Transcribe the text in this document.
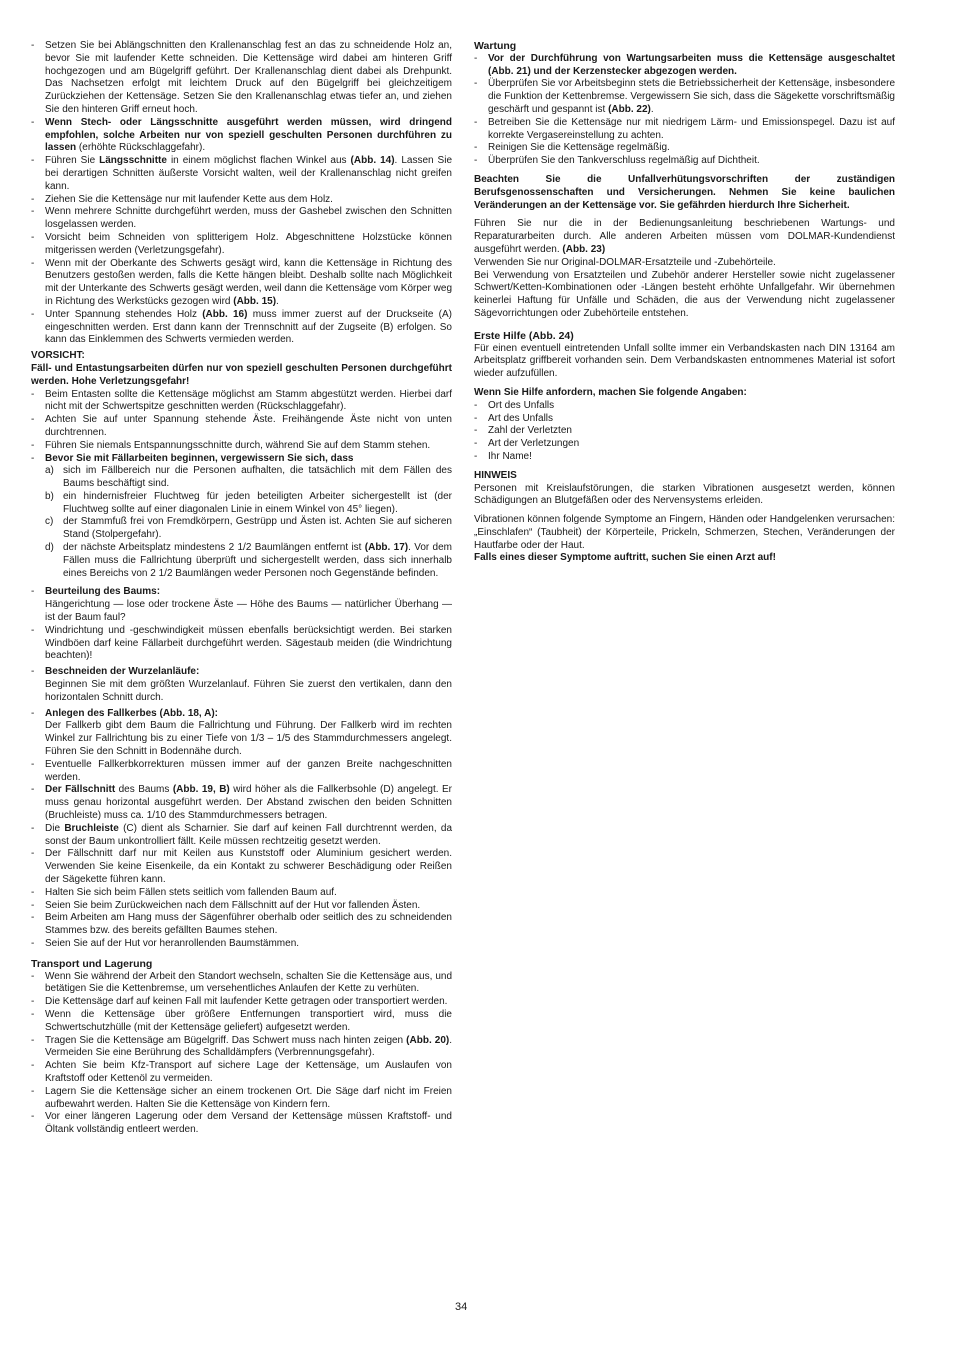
- Setzen Sie bei Ablängschnitten den Krallenanschlag fest an das zu schneidende Holz an, bevor Sie mit laufender Kette schneiden. Die Kettensäge wird dabei am hinteren Griff hochgezogen und am Bügelgriff geführt. Der Krallenanschlag dient dabei als Drehpunkt. Das Nachsetzen erfolgt mit leichtem Druck auf den Bügelgriff bei gleichzeitigem Zurückziehen der Kettensäge. Setzen Sie den Krallenanschlag etwas tiefer an, und ziehen Sie den hinteren Griff erneut hoch.
- Wenn Stech- oder Längsschnitte ausgeführt werden müssen, wird dringend empfohlen, solche Arbeiten nur von speziell geschulten Personen durchführen zu lassen (erhöhte Rückschlaggefahr).
- Führen Sie Längsschnitte in einem möglichst flachen Winkel aus (Abb. 14). Lassen Sie bei derartigen Schnitten äußerste Vorsicht walten, weil der Krallenanschlag nicht greifen kann.
- Ziehen Sie die Kettensäge nur mit laufender Kette aus dem Holz.
- Wenn mehrere Schnitte durchgeführt werden, muss der Gashebel zwischen den Schnitten losgelassen werden.
- Vorsicht beim Schneiden von splitterigem Holz. Abgeschnittene Holzstücke können mitgerissen werden (Verletzungsgefahr).
- Wenn mit der Oberkante des Schwerts gesägt wird, kann die Kettensäge in Richtung des Benutzers gestoßen werden, falls die Kette hängen bleibt. Deshalb sollte nach Möglichkeit mit der Unterkante des Schwerts gesägt werden, weil dann die Kettensäge vom Körper weg in Richtung des Werkstücks gezogen wird (Abb. 15).
- Unter Spannung stehendes Holz (Abb. 16) muss immer zuerst auf der Druckseite (A) eingeschnitten werden. Erst dann kann der Trennschnitt auf der Zugseite (B) erfolgen. So kann das Einklemmen des Schwerts vermieden werden.
VORSICHT:
Fäll- und Entastungsarbeiten dürfen nur von speziell geschulten Personen durchgeführt werden. Hohe Verletzungsgefahr!
- Beim Entasten sollte die Kettensäge möglichst am Stamm abgestützt werden. Hierbei darf nicht mit der Schwertspitze geschnitten werden (Rückschlaggefahr).
- Achten Sie auf unter Spannung stehende Äste. Freihängende Äste nicht von unten durchtrennen.
- Führen Sie niemals Entspannungsschnitte durch, während Sie auf dem Stamm stehen.
- Bevor Sie mit Fällarbeiten beginnen, vergewissern Sie sich, dass
a) sich im Fällbereich nur die Personen aufhalten, die tatsächlich mit dem Fällen des Baums beschäftigt sind.
b) ein hindernisfreier Fluchtweg für jeden beteiligten Arbeiter sichergestellt ist (der Fluchtweg sollte auf einer diagonalen Linie in einem Winkel von 45° liegen).
c) der Stammfuß frei von Fremdkörpern, Gestrüpp und Ästen ist. Achten Sie auf sicheren Stand (Stolpergefahr).
d) der nächste Arbeitsplatz mindestens 2 1/2 Baumlängen entfernt ist (Abb. 17). Vor dem Fällen muss die Fallrichtung überprüft und sichergestellt werden, dass sich innerhalb eines Bereichs von 2 1/2 Baumlängen weder Personen noch Gegenstände befinden.
- Beurteilung des Baums:
Hängerichtung — lose oder trockene Äste — Höhe des Baums — natürlicher Überhang — ist der Baum faul?
- Windrichtung und -geschwindigkeit müssen ebenfalls berücksichtigt werden. Bei starken Windböen darf keine Fällarbeit durchgeführt werden. Sägestaub meiden (die Windrichtung beachten)!
- Beschneiden der Wurzelanläufe:
Beginnen Sie mit dem größten Wurzelanlauf. Führen Sie zuerst den vertikalen, dann den horizontalen Schnitt durch.
- Anlegen des Fallkerbes (Abb. 18, A):
Der Fallkerb gibt dem Baum die Fallrichtung und Führung. Der Fallkerb wird im rechten Winkel zur Fallrichtung bis zu einer Tiefe von 1/3 – 1/5 des Stammdurchmessers angelegt. Führen Sie den Schnitt in Bodennähe durch.
- Eventuelle Fallkerbkorrekturen müssen immer auf der ganzen Breite nachgeschnitten werden.
- Der Fällschnitt des Baums (Abb. 19, B) wird höher als die Fallkerbsohle (D) angelegt. Er muss genau horizontal ausgeführt werden. Der Abstand zwischen den beiden Schnitten (Bruchleiste) muss ca. 1/10 des Stammdurchmessers betragen.
- Die Bruchleiste (C) dient als Scharnier. Sie darf auf keinen Fall durchtrennt werden, da sonst der Baum unkontrolliert fällt. Keile müssen rechtzeitig gesetzt werden.
- Der Fällschnitt darf nur mit Keilen aus Kunststoff oder Aluminium gesichert werden. Verwenden Sie keine Eisenkeile, da ein Kontakt zu schwerer Beschädigung oder Reißen der Sägekette führen kann.
- Halten Sie sich beim Fällen stets seitlich vom fallenden Baum auf.
- Seien Sie beim Zurückweichen nach dem Fällschnitt auf der Hut vor fallenden Ästen.
- Beim Arbeiten am Hang muss der Sägenführer oberhalb oder seitlich des zu schneidenden Stammes bzw. des bereits gefällten Baumes stehen.
- Seien Sie auf der Hut vor heranrollenden Baumstämmen.
Transport und Lagerung
- Wenn Sie während der Arbeit den Standort wechseln, schalten Sie die Kettensäge aus, und betätigen Sie die Kettenbremse, um versehentliches Anlaufen der Kette zu verhüten.
- Die Kettensäge darf auf keinen Fall mit laufender Kette getragen oder transportiert werden.
- Wenn die Kettensäge über größere Entfernungen transportiert wird, muss die Schwertschutzhülle (mit der Kettensäge geliefert) aufgesetzt werden.
- Tragen Sie die Kettensäge am Bügelgriff. Das Schwert muss nach hinten zeigen (Abb. 20). Vermeiden Sie eine Berührung des Schalldämpfers (Verbrennungsgefahr).
- Achten Sie beim Kfz-Transport auf sichere Lage der Kettensäge, um Auslaufen von Kraftstoff oder Kettenöl zu vermeiden.
- Lagern Sie die Kettensäge sicher an einem trockenen Ort. Die Säge darf nicht im Freien aufbewahrt werden. Halten Sie die Kettensäge von Kindern fern.
- Vor einer längeren Lagerung oder dem Versand der Kettensäge müssen Kraftstoff- und Öltank vollständig entleert werden.
Wartung
- Vor der Durchführung von Wartungsarbeiten muss die Kettensäge ausgeschaltet (Abb. 21) und der Kerzenstecker abgezogen werden.
- Überprüfen Sie vor Arbeitsbeginn stets die Betriebssicherheit der Kettensäge, insbesondere die Funktion der Kettenbremse. Vergewissern Sie sich, dass die Sägekette vorschriftsmäßig geschärft und gespannt ist (Abb. 22).
- Betreiben Sie die Kettensäge nur mit niedrigem Lärm- und Emissionspegel. Dazu ist auf korrekte Vergasereinstellung zu achten.
- Reinigen Sie die Kettensäge regelmäßig.
- Überprüfen Sie den Tankverschluss regelmäßig auf Dichtheit.
Beachten Sie die Unfallverhütungsvorschriften der zuständigen Berufsgenossenschaften und Versicherungen. Nehmen Sie keine baulichen Veränderungen an der Kettensäge vor. Sie gefährden hierdurch Ihre Sicherheit.
Führen Sie nur die in der Bedienungsanleitung beschriebenen Wartungs- und Reparaturarbeiten durch. Alle anderen Arbeiten müssen vom DOLMAR-Kundendienst ausgeführt werden. (Abb. 23)
Verwenden Sie nur Original-DOLMAR-Ersatzteile und -Zubehörteile.
Bei Verwendung von Ersatzteilen und Zubehör anderer Hersteller sowie nicht zugelassener Schwert/Ketten-Kombinationen oder -Längen besteht erhöhte Unfallgefahr. Wir übernehmen keinerlei Haftung für Unfälle und Schäden, die aus der Verwendung nicht zugelassener Sägevorrichtungen oder Zubehörteile entstehen.
Erste Hilfe (Abb. 24)
Für einen eventuell eintretenden Unfall sollte immer ein Verbandskasten nach DIN 13164 am Arbeitsplatz griffbereit vorhanden sein. Dem Verbandskasten entnommenes Material ist sofort wieder aufzufüllen.
Wenn Sie Hilfe anfordern, machen Sie folgende Angaben:
- Ort des Unfalls
- Art des Unfalls
- Zahl der Verletzten
- Art der Verletzungen
- Ihr Name!
HINWEIS
Personen mit Kreislaufstörungen, die starken Vibrationen ausgesetzt werden, können Schädigungen an Blutgefäßen oder des Nervensystems erleiden.
Vibrationen können folgende Symptome an Fingern, Händen oder Handgelenken verursachen: „Einschlafen“ (Taubheit) der Körperteile, Prickeln, Schmerzen, Stechen, Veränderungen der Hautfarbe oder der Haut.
Falls eines dieser Symptome auftritt, suchen Sie einen Arzt auf!
34
